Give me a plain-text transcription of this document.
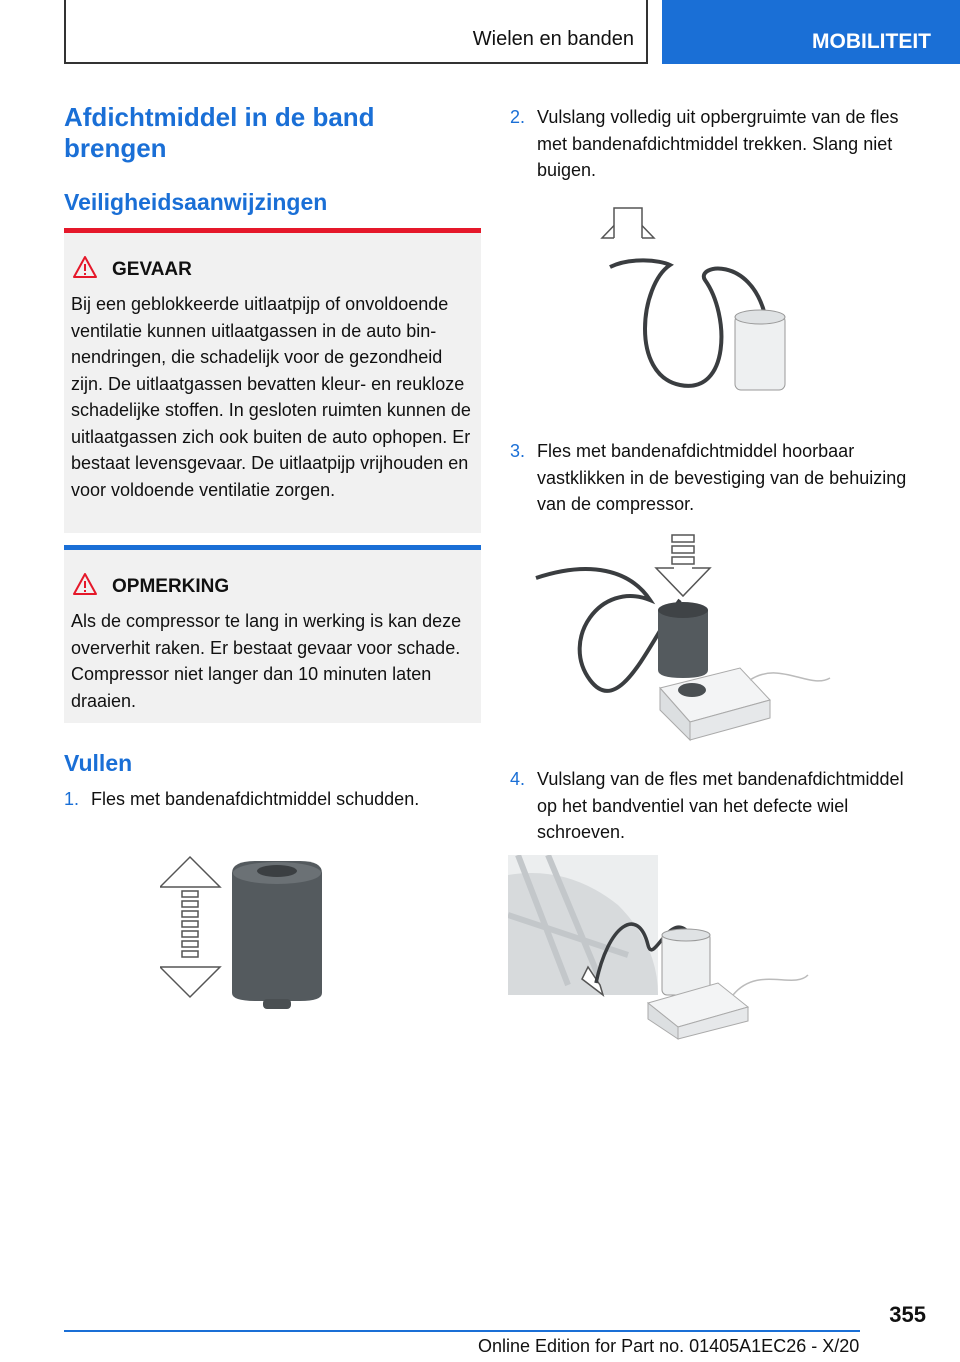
Wielen en banden	MOBILITEIT
Afdichtmiddel in de band brengen
Veiligheidsaanwijzingen
GEVAAR
Bij een geblokkeerde uitlaatpijp of onvoldoende ventilatie kunnen uitlaatgassen in de auto binnendringen, die schadelijk voor de gezondheid zijn. De uitlaatgassen bevatten kleur- en reukloze schadelijke stoffen. In gesloten ruimten kunnen de uitlaatgassen zich ook buiten de auto ophopen. Er bestaat levensgevaar. De uitlaatpijp vrijhouden en voor voldoende ventilatie zorgen.
OPMERKING
Als de compressor te lang in werking is kan deze oververhit raken. Er bestaat gevaar voor schade. Compressor niet langer dan 10 minuten laten draaien.
Vullen
1. Fles met bandenafdichtmiddel schudden.
2. Vulslang volledig uit opbergruimte van de fles met bandenafdichtmiddel trekken. Slang niet buigen.
3. Fles met bandenafdichtmiddel hoorbaar vastklikken in de bevestiging van de behuizing van de compressor.
4. Vulslang van de fles met bandenafdichtmiddel op het bandventiel van het defecte wiel schroeven.
355
Online Edition for Part no. 01405A1EC26 - X/20
